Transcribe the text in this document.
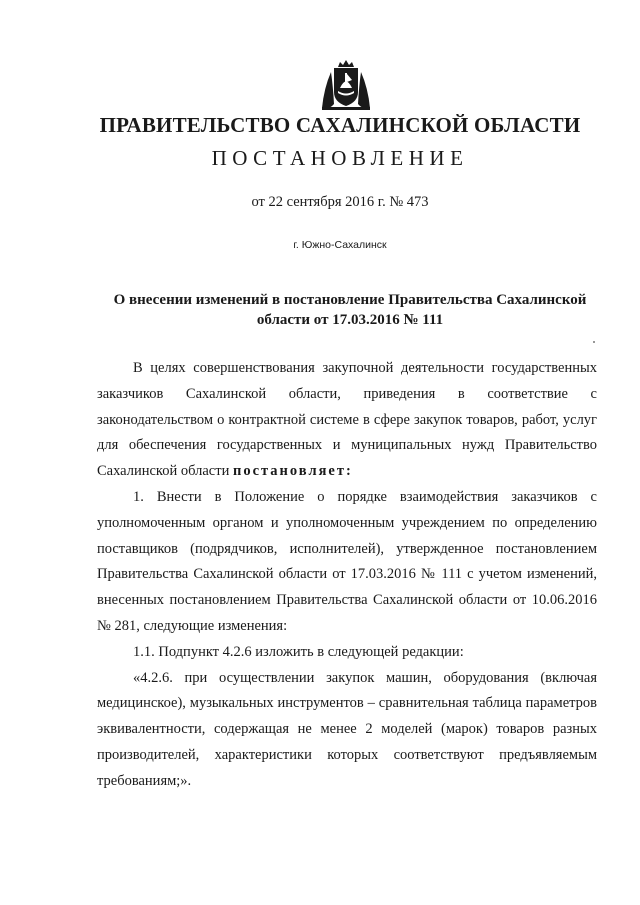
ПРАВИТЕЛЬСТВО САХАЛИНСКОЙ ОБЛАСТИ
ПОСТАНОВЛЕНИЕ
от 22 сентября 2016 г. № 473
г. Южно-Сахалинск
О внесении изменений в постановление Правительства Сахалинской
области от 17.03.2016 № 111

В целях совершенствования закупочной деятельности государственных заказчиков Сахалинской области, приведения в соответствие с законодательством о контрактной системе в сфере закупок товаров, работ, услуг для обеспечения государственных и муниципальных нужд Правительство Сахалинской области постановляет:

1. Внести в Положение о порядке взаимодействия заказчиков с уполномоченным органом и уполномоченным учреждением по определению поставщиков (подрядчиков, исполнителей), утвержденное постановлением Правительства Сахалинской области от 17.03.2016 № 111 с учетом изменений, внесенных постановлением Правительства Сахалинской области от 10.06.2016 № 281, следующие изменения:

1.1. Подпункт 4.2.6 изложить в следующей редакции:

«4.2.6. при осуществлении закупок машин, оборудования (включая медицинское), музыкальных инструментов – сравнительная таблица параметров эквивалентности, содержащая не менее 2 моделей (марок) товаров разных производителей, характеристики которых соответствуют предъявляемым требованиям;».
